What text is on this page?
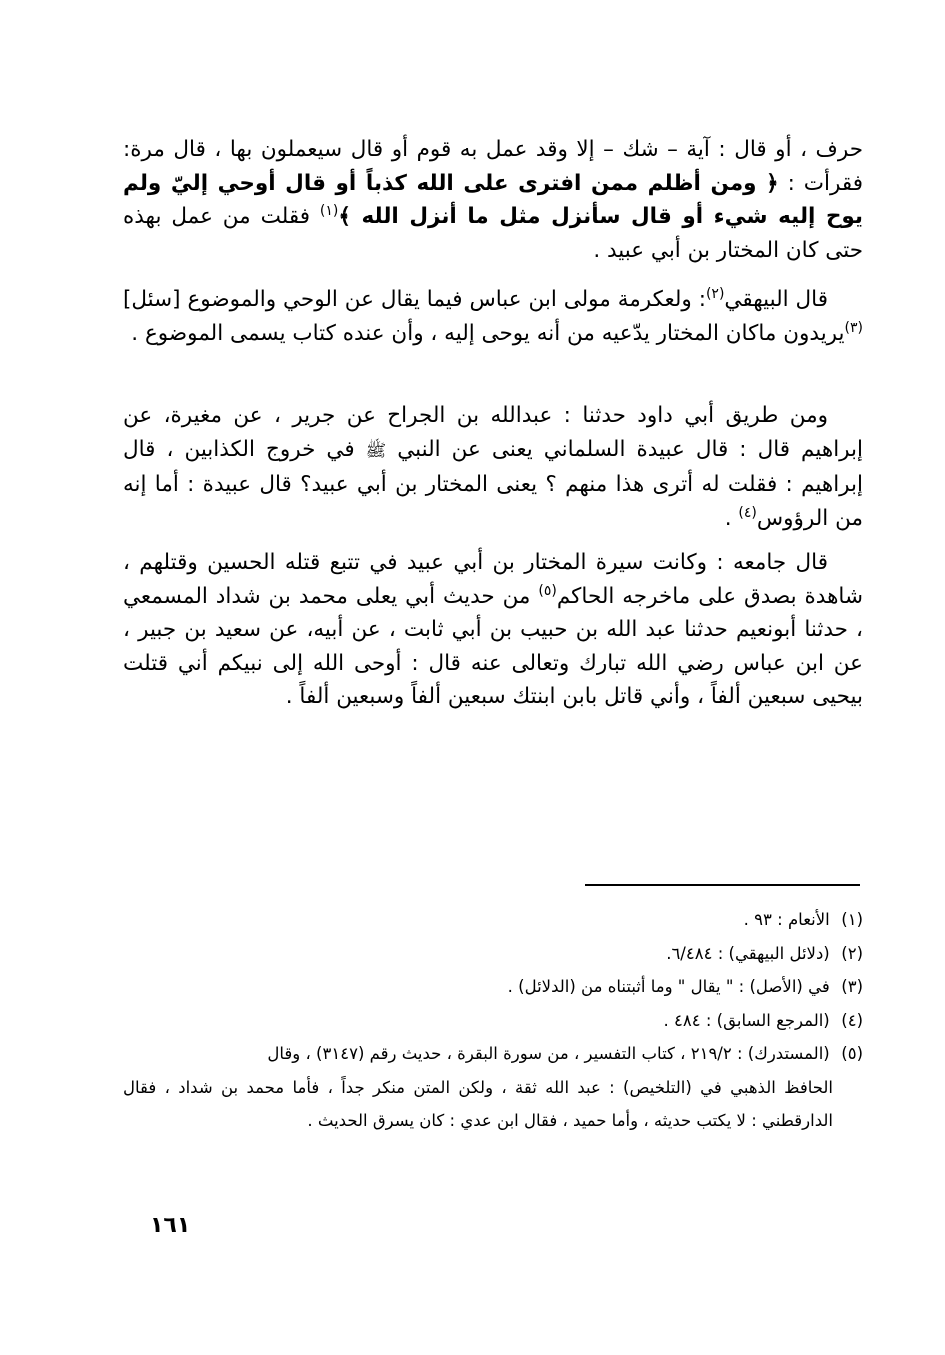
حرف ، أو قال : آية – شك – إلا وقد عمل به قوم أو قال سيعملون بها ، قال مرة: فقرأت : ﴿ ومن أظلم ممن افترى على الله كذباً أو قال أوحي إليّ ولم يوح إليه شيء أو قال سأنزل مثل ما أنزل الله ﴾$^{(١)}$ فقلت من عمل بهذه حتى كان المختار بن أبي عبيد .

قال البيهقي$^{(٢)}$: ولعكرمة مولى ابن عباس فيما يقال عن الوحي والموضوع [سئل] $^{(٣)}$يريدون ماكان المختار يدّعيه من أنه يوحى إليه ، وأن عنده كتاب يسمى الموضوع .

ومن طريق أبي داود حدثنا : عبدالله بن الجراح عن جرير ، عن مغيرة، عن إبراهيم قال : قال عبيدة السلماني يعنى عن النبي ﷺ في خروج الكذابين ، قال إبراهيم : فقلت له أترى هذا منهم ؟ يعنى المختار بن أبي عبيد؟ قال عبيدة : أما إنه من الرؤوس$^{(٤)}$ .

قال جامعه : وكانت سيرة المختار بن أبي عبيد في تتبع قتله الحسين وقتلهم ، شاهدة بصدق على ماخرجه الحاكم$^{(٥)}$ من حديث أبي يعلى محمد بن شداد المسمعي ، حدثنا أبونعيم حدثنا عبد الله بن حبيب بن أبي ثابت ، عن أبيه، عن سعيد بن جبير ، عن ابن عباس رضي الله تبارك وتعالى عنه قال : أوحى الله إلى نبيكم أني قتلت بيحيى سبعين ألفاً ، وأني قاتل بابن ابنتك سبعين ألفاً وسبعين ألفاً .

(١) الأنعام : ٩٣ .

(٢) (دلائل البيهقي) : ٦/٤٨٤.

(٣) في (الأصل) : " يقال " وما أثبتناه من (الدلائل) .

(٤) (المرجع السابق) : ٤٨٤ .

(٥) (المستدرك) : ٢١٩/٢ ، كتاب التفسير ، من سورة البقرة ، حديث رقم (٣١٤٧) ، وقال

الحافظ الذهبي في (التلخيص) : عبد الله ثقة ، ولكن المتن منكر جداً ، فأما محمد بن شداد ، فقال الدارقطني : لا يكتب حديثه ، وأما حميد ، فقال ابن عدي : كان يسرق الحديث .

١٦١
